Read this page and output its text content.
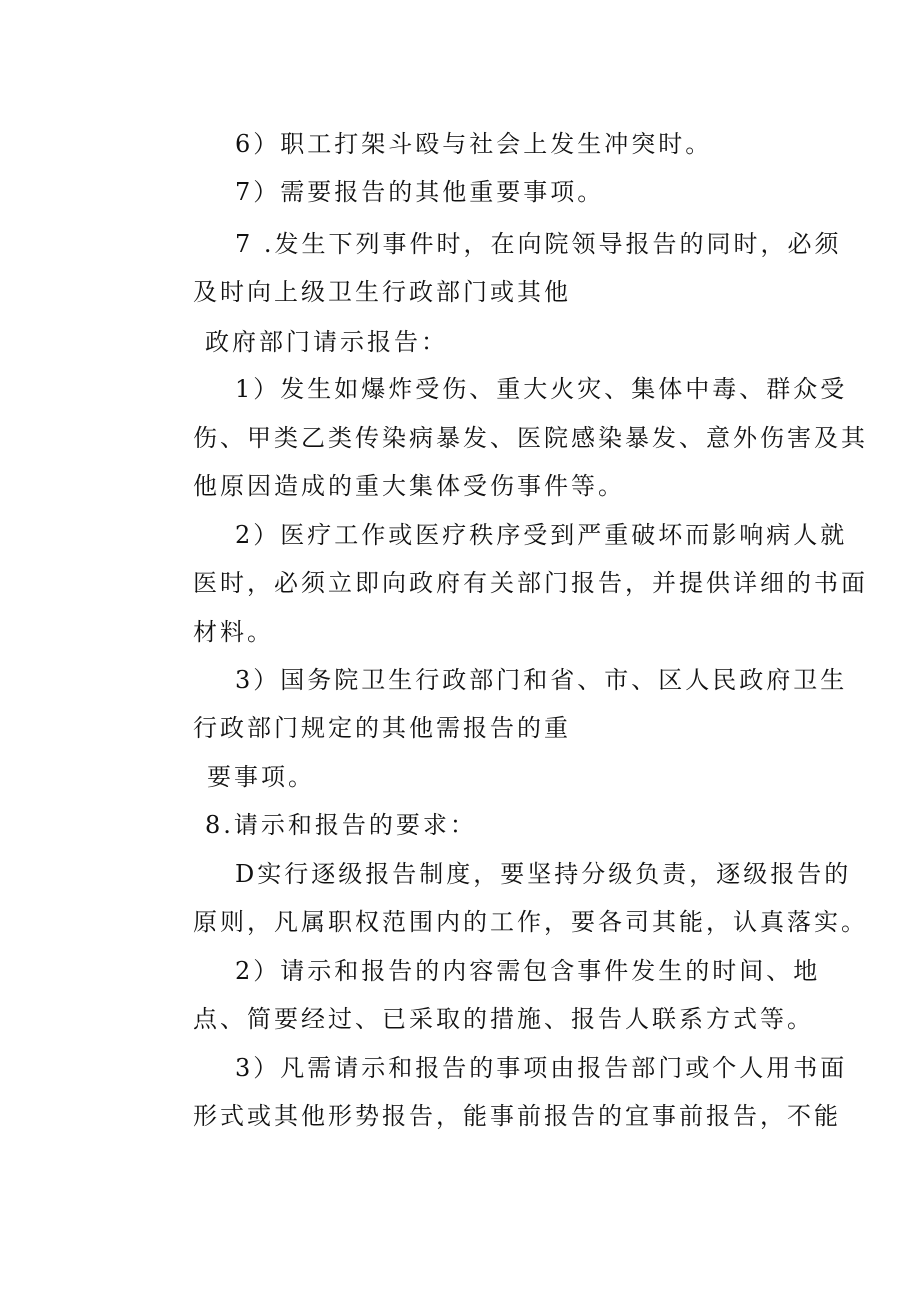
6）职工打架斗殴与社会上发生冲突时。
7）需要报告的其他重要事项。
7 .发生下列事件时，在向院领导报告的同时，必须
及时向上级卫生行政部门或其他
政府部门请示报告：
1）发生如爆炸受伤、重大火灾、集体中毒、群众受
伤、甲类乙类传染病暴发、医院感染暴发、意外伤害及其
他原因造成的重大集体受伤事件等。
2）医疗工作或医疗秩序受到严重破坏而影响病人就
医时，必须立即向政府有关部门报告，并提供详细的书面
材料。
3）国务院卫生行政部门和省、市、区人民政府卫生
行政部门规定的其他需报告的重
要事项。
8.请示和报告的要求：
D实行逐级报告制度，要坚持分级负责，逐级报告的
原则，凡属职权范围内的工作，要各司其能，认真落实。
2）请示和报告的内容需包含事件发生的时间、地
点、简要经过、已采取的措施、报告人联系方式等。
3）凡需请示和报告的事项由报告部门或个人用书面
形式或其他形势报告，能事前报告的宜事前报告，不能
